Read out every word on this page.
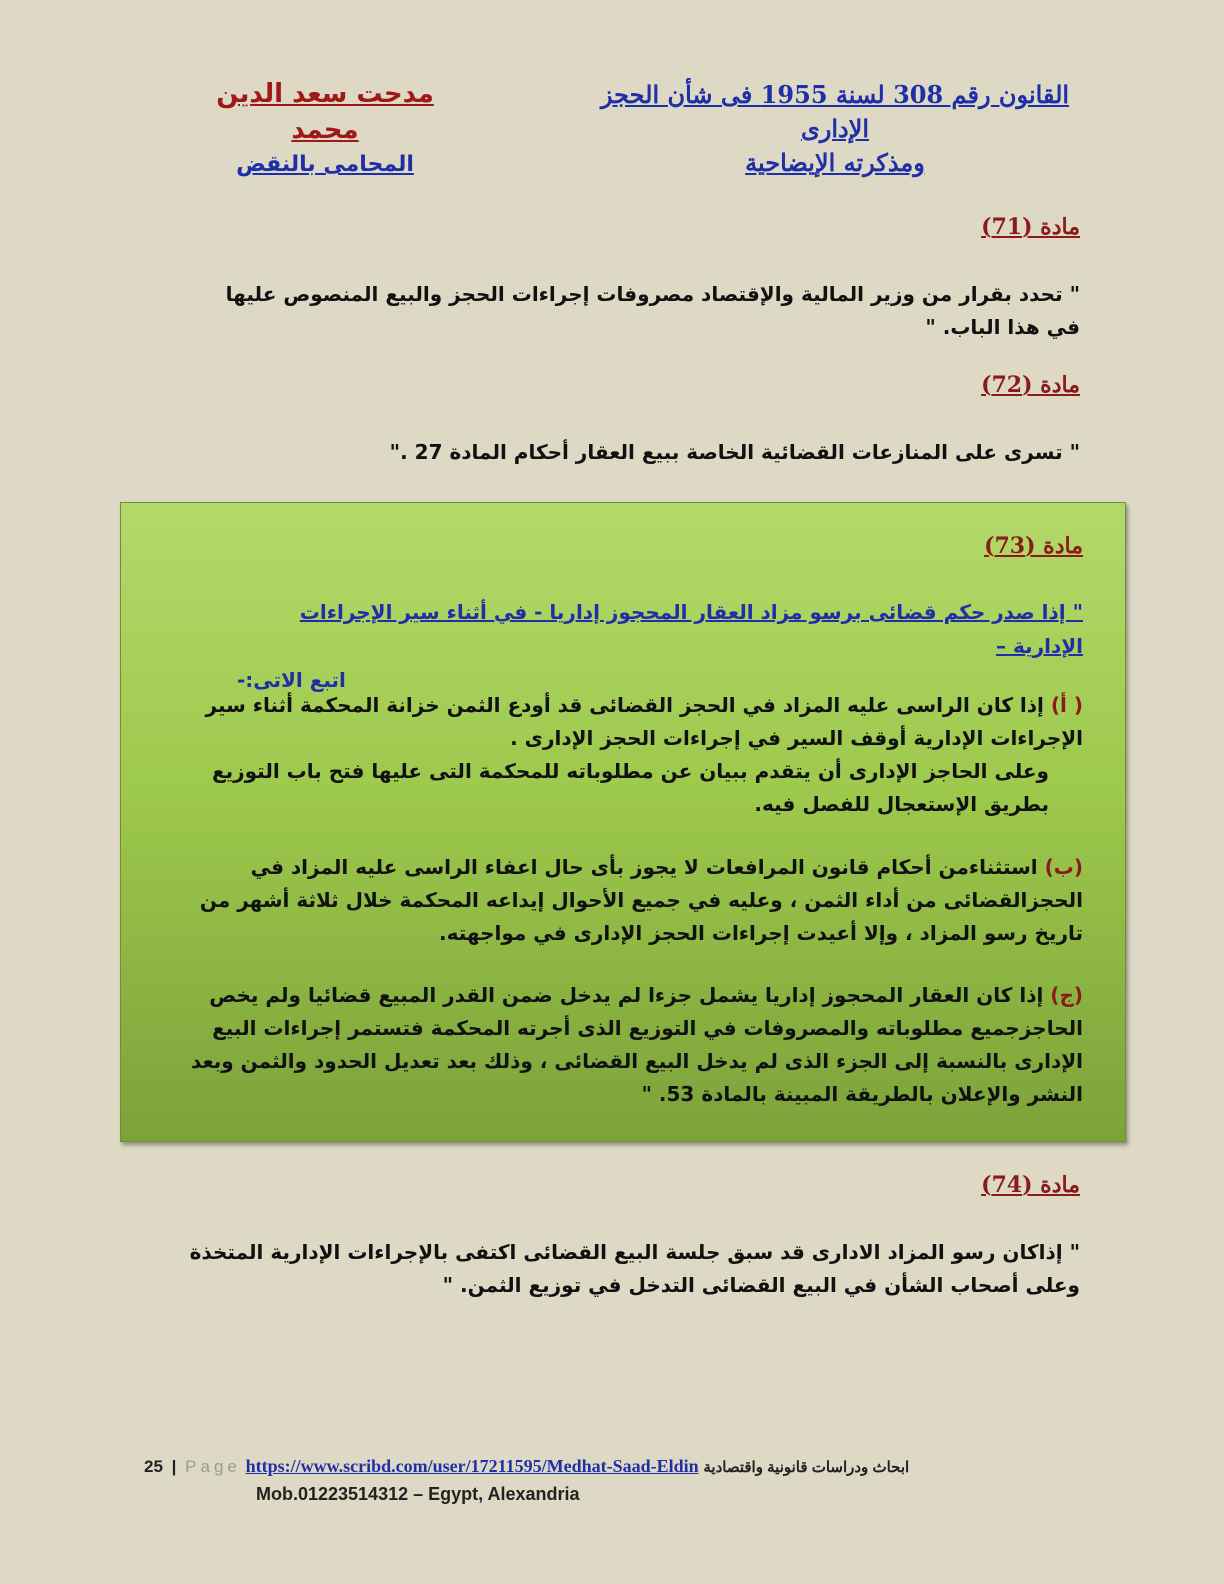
القانون رقم 308 لسنة 1955 فى شأن الحجز الإدارى
ومذكرته الإيضاحية
مدحت سعد الدين محمد
المحامى بالنقض
مادة (71)
" تحدد بقرار من وزير المالية والإقتصاد مصروفات إجراءات الحجز والبيع المنصوص عليها في هذا الباب. "
مادة (72)
" تسرى على المنازعات القضائية الخاصة ببيع العقار أحكام المادة 27 ."
مادة (73)
" إذا صدر حكم قضائى برسو مزاد العقار المحجوز إداريا - في أثناء سير الإجراءات الإدارية –
اتبع الاتى:-
( أ) إذا كان الراسى عليه المزاد في الحجز القضائى قد أودع الثمن خزانة المحكمة أثناء سير الإجراءات الإدارية أوقف السير في إجراءات الحجز الإدارى .
وعلى الحاجز الإدارى أن يتقدم ببيان عن مطلوباته للمحكمة التى عليها فتح باب التوزيع بطريق الإستعجال للفصل فيه.
(ب) استثناءمن أحكام قانون المرافعات لا يجوز بأى حال اعفاء الراسى عليه المزاد في الحجزالقضائى من أداء الثمن ، وعليه في جميع الأحوال إيداعه المحكمة خلال ثلاثة أشهر من تاريخ رسو المزاد ، وإلا أعيدت إجراءات الحجز الإدارى في مواجهته.
(ج) إذا كان العقار المحجوز إداريا يشمل جزءا لم يدخل ضمن القدر المبيع قضائيا ولم يخص الحاجزجميع مطلوباته والمصروفات في التوزيع الذى أجرته المحكمة فتستمر إجراءات البيع الإدارى بالنسبة إلى الجزء الذى لم يدخل البيع القضائى ، وذلك بعد تعديل الحدود والثمن وبعد النشر والإعلان بالطريقة المبينة بالمادة 53. "
مادة (74)
" إذاكان رسو المزاد الادارى قد سبق جلسة البيع القضائى اكتفى بالإجراءات الإدارية المتخذة وعلى أصحاب الشأن في البيع القضائى التدخل في توزيع الثمن. "
25 | Page https://www.scribd.com/user/17211595/Medhat-Saad-Eldin ابحاث ودراسات قانونية واقتصادية
Mob.01223514312 – Egypt, Alexandria
